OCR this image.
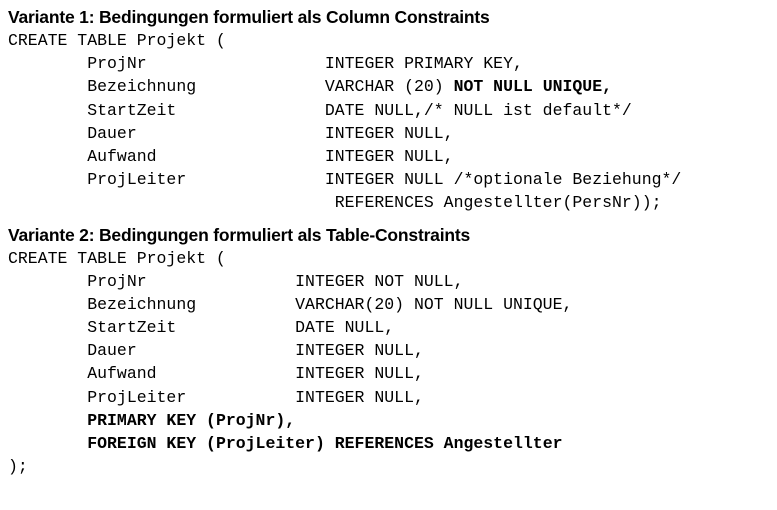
Variante 1: Bedingungen formuliert als Column Constraints
CREATE TABLE Projekt (
ProjNr                  INTEGER PRIMARY KEY,
Bezeichnung             VARCHAR (20) NOT NULL UNIQUE,
StartZeit               DATE NULL,/* NULL ist default*/
Dauer                   INTEGER NULL,
Aufwand                 INTEGER NULL,
ProjLeiter              INTEGER NULL /*optionale Beziehung*/
REFERENCES Angestellter(PersNr));
Variante 2: Bedingungen formuliert als Table-Constraints
CREATE TABLE Projekt (
ProjNr               INTEGER NOT NULL,
Bezeichnung          VARCHAR(20) NOT NULL UNIQUE,
StartZeit            DATE NULL,
Dauer                INTEGER NULL,
Aufwand              INTEGER NULL,
ProjLeiter           INTEGER NULL,
PRIMARY KEY (ProjNr),
FOREIGN KEY (ProjLeiter) REFERENCES Angestellter
);
